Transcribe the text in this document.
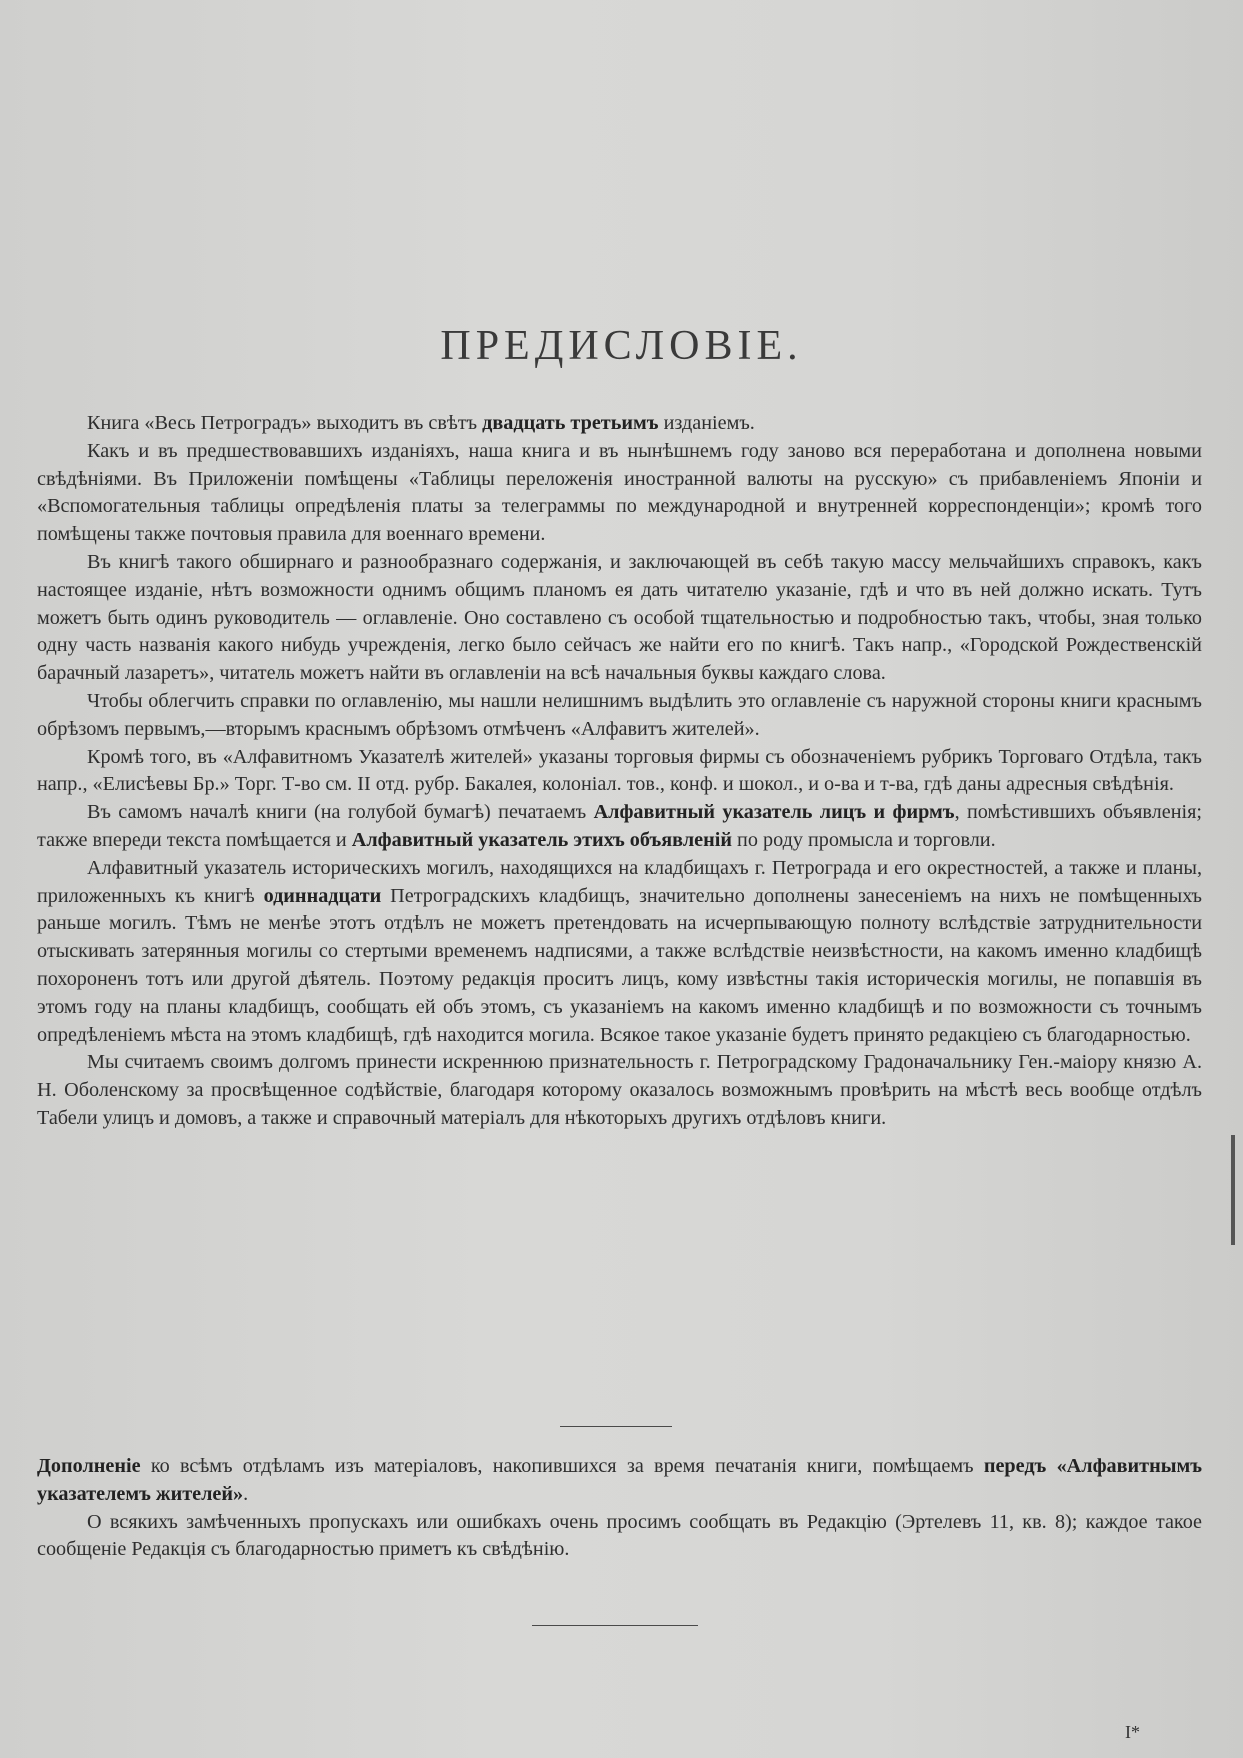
ПРЕДИСЛОВІЕ.

Книга «Весь Петроградъ» выходитъ въ свѣтъ двадцать третьимъ изданіемъ.

Какъ и въ предшествовавшихъ изданіяхъ, наша книга и въ нынѣшнемъ году заново вся переработана и дополнена новыми свѣдѣніями. Въ Приложеніи помѣщены «Таблицы переложенія иностранной валюты на русскую» съ прибавленіемъ Японіи и «Вспомогательныя таблицы опредѣленія платы за телеграммы по международной и внутренней корреспонденціи»; кромѣ того помѣщены также почтовыя правила для военнаго времени.

Въ книгѣ такого обширнаго и разнообразнаго содержанія, и заключающей въ себѣ такую массу мельчайшихъ справокъ, какъ настоящее изданіе, нѣтъ возможности однимъ общимъ планомъ ея дать читателю указаніе, гдѣ и что въ ней должно искать. Тутъ можетъ быть одинъ руководитель — оглавленіе. Оно составлено съ особой тщательностью и подробностью такъ, чтобы, зная только одну часть названія какого нибудь учрежденія, легко было сейчасъ же найти его по книгѣ. Такъ напр., «Городской Рождественскій барачный лазаретъ», читатель можетъ найти въ оглавленіи на всѣ начальныя буквы каждаго слова.

Чтобы облегчить справки по оглавленію, мы нашли нелишнимъ выдѣлить это оглавленіе съ наружной стороны книги краснымъ обрѣзомъ первымъ,—вторымъ краснымъ обрѣзомъ отмѣченъ «Алфавитъ жителей».

Кромѣ того, въ «Алфавитномъ Указателѣ жителей» указаны торговыя фирмы съ обозначеніемъ рубрикъ Торговаго Отдѣла, такъ напр., «Елисѣевы Бр.» Торг. Т-во см. II отд. рубр. Бакалея, колоніал. тов., конф. и шокол., и о-ва и т-ва, гдѣ даны адресныя свѣдѣнія.

Въ самомъ началѣ книги (на голубой бумагѣ) печатаемъ Алфавитный указатель лицъ и фирмъ, помѣстившихъ объявленія; также впереди текста помѣщается и Алфавитный указатель этихъ объявленій по роду промысла и торговли.

Алфавитный указатель историческихъ могилъ, находящихся на кладбищахъ г. Петрограда и его окрестностей, а также и планы, приложенныхъ къ книгѣ одиннадцати Петроградскихъ кладбищъ, значительно дополнены занесеніемъ на нихъ не помѣщенныхъ раньше могилъ. Тѣмъ не менѣе этотъ отдѣлъ не можетъ претендовать на исчерпывающую полноту вслѣдствіе затруднительности отыскивать затерянныя могилы со стертыми временемъ надписями, а также вслѣдствіе неизвѣстности, на какомъ именно кладбищѣ похороненъ тотъ или другой дѣятель. Поэтому редакція проситъ лицъ, кому извѣстны такія историческія могилы, не попавшія въ этомъ году на планы кладбищъ, сообщать ей объ этомъ, съ указаніемъ на какомъ именно кладбищѣ и по возможности съ точнымъ опредѣленіемъ мѣста на этомъ кладбищѣ, гдѣ находится могила. Всякое такое указаніе будетъ принято редакціею съ благодарностью.

Мы считаемъ своимъ долгомъ принести искреннюю признательность г. Петроградскому Градоначальнику Ген.-маіору князю А. Н. Оболенскому за просвѣщенное содѣйствіе, благодаря которому оказалось возможнымъ провѣрить на мѣстѣ весь вообще отдѣлъ Табели улицъ и домовъ, а также и справочный матеріалъ для нѣкоторыхъ другихъ отдѣловъ книги.

Дополненіе ко всѣмъ отдѣламъ изъ матеріаловъ, накопившихся за время печатанія книги, помѣщаемъ передъ «Алфавитнымъ указателемъ жителей».

О всякихъ замѣченныхъ пропускахъ или ошибкахъ очень просимъ сообщать въ Редакцію (Эртелевъ 11, кв. 8); каждое такое сообщеніе Редакція съ благодарностью приметъ къ свѣдѣнію.

I*
